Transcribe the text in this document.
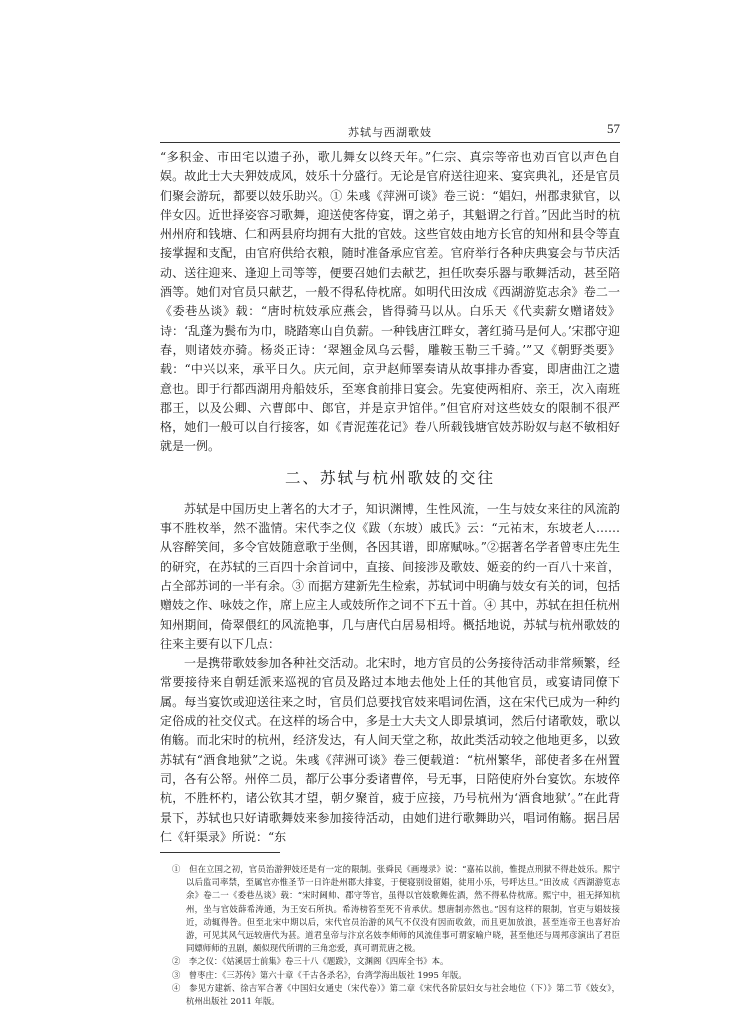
苏轼与西湖歌妓	57

“多积金、市田宅以遗子孙，歌儿舞女以终天年。”仁宗、真宗等帝也劝百官以声色自娱。故此士大夫狎妓成风，妓乐十分盛行。无论是官府送往迎来、宴宾典礼，还是官员们聚会游玩，都要以妓乐助兴。① 朱彧《萍洲可谈》卷三说：“娼妇，州郡隶狱官，以伴女囚。近世择姿容习歌舞，迎送使客侍宴，谓之弟子，其魁谓之行首。”因此当时的杭州州府和钱塘、仁和两县府均拥有大批的官妓。这些官妓由地方长官的知州和县令等直接掌握和支配，由官府供给衣粮，随时准备承应官差。官府举行各种庆典宴会与节庆活动、送往迎来、逢迎上司等等，便要召她们去献艺，担任吹奏乐器与歌舞活动，甚至陪酒等。她们对官员只献艺，一般不得私侍枕席。如明代田汝成《西湖游览志余》卷二一《委巷丛谈》载：“唐时杭妓承应燕会，皆得骑马以从。白乐天《代卖薪女赠诸妓》诗：‘乱蓬为鬓布为巾，晓踏寒山自负薪。一种钱唐江畔女，著红骑马是何人。’宋郡守迎春，则诸妓亦骑。杨炎正诗：‘翠翘金凤乌云髻，雕鞍玉勒三千骑。’”又《朝野类要》载：“中兴以来，承平日久。庆元间，京尹赵师睪奏请从故事排办香宴，即唐曲江之遗意也。即于行都西湖用舟船妓乐，至寒食前排日宴会。先宴使两相府、亲王，次入南班郡王，以及公卿、六曹郎中、郎官，并是京尹馆伴。”但官府对这些妓女的限制不很严格，她们一般可以自行接客，如《青泥莲花记》卷八所载钱塘官妓苏盼奴与赵不敏相好就是一例。

二、苏轼与杭州歌妓的交往

苏轼是中国历史上著名的大才子，知识渊博，生性风流，一生与妓女来往的风流韵事不胜枚举，然不滥情。宋代李之仪《跋（东坡）戚氏》云：“元祐末，东坡老人……从容醉笑间，多令官妓随意歌于坐侧，各因其谱，即席赋咏。”②据著名学者曾枣庄先生的研究，在苏轼的三百四十余首词中，直接、间接涉及歌妓、姬妾的约一百八十来首，占全部苏词的一半有余。③ 而据方建新先生检索，苏轼词中明确与妓女有关的词，包括赠妓之作、咏妓之作，席上应主人或妓所作之词不下五十首。④ 其中，苏轼在担任杭州知州期间，倚翠偎红的风流艳事，几与唐代白居易相埒。概括地说，苏轼与杭州歌妓的往来主要有以下几点：

一是携带歌妓参加各种社交活动。北宋时，地方官员的公务接待活动非常频繁，经常要接待来自朝廷派来巡视的官员及路过本地去他处上任的其他官员，或宴请同僚下属。每当宴饮或迎送往来之时，官员们总要找官妓来唱词佐酒，这在宋代已成为一种约定俗成的社交仪式。在这样的场合中，多是士大夫文人即景填词，然后付诸歌妓，歌以侑觞。而北宋时的杭州，经济发达，有人间天堂之称，故此类活动较之他地更多，以致苏轼有“酒食地狱”之说。朱彧《萍洲可谈》卷三便载道：“杭州繁华，部使者多在州置司，各有公帑。州倅二员，都厅公事分委诸曹倅，号无事，日陪使府外台宴饮。东坡倅杭，不胜杯杓，诸公钦其才望，朝夕聚首，疲于应接，乃号杭州为‘酒食地狱’。”在此背景下，苏轼也只好请歌舞妓来参加接待活动，由她们进行歌舞助兴，唱词侑觞。据吕居仁《轩渠录》所说：“东

①　但在立国之初，官员治游狎妓还是有一定的限制。张舜民《画墁录》说：“嘉祐以前，惟提点刑狱不得赴妓乐。熙宁以后监司率禁，至属官亦惟圣节一日许赴州郡大排宴，于便寝别设留娼，徒用小乐，号呼达旦。”田汝成《西湖游览志余》卷二一《委巷丛谈》载：“宋时阃帅、郡守等官，虽得以官妓歌舞佐酒，然不得私侍枕席。熙宁中，祖无择知杭州，坐与官妓薛希涛通，为王安石所执。希涛榜笞至死不肯承伏。想唐制亦然也。”因有这样的限制，官吏与娼妓接近，动辄得咎。但至北宋中期以后，宋代官员治游的风气不仅没有因而收敛，而且更加放浪，甚至连帝王也喜好冶游，可见其风气远较唐代为甚。道君皇帝与汴京名妓李师师的风流佳事可谓家喻户晓，甚至他还与周邦彦演出了君臣同嫖师师的丑剧，颇似现代所谓的三角恋爱，真可谓荒唐之极。

②　李之仪：《姑溪居士前集》卷三十八《题跋》，文渊阁《四库全书》本。

③　曾枣庄：《三苏传》第六十章《千古各杀名》，台湾学海出版社 1995 年版。

④　参见方建新、徐吉军合著《中国妇女通史（宋代卷）》第二章《宋代各阶层妇女与社会地位（下）》第二节《妓女》，杭州出版社 2011 年版。
